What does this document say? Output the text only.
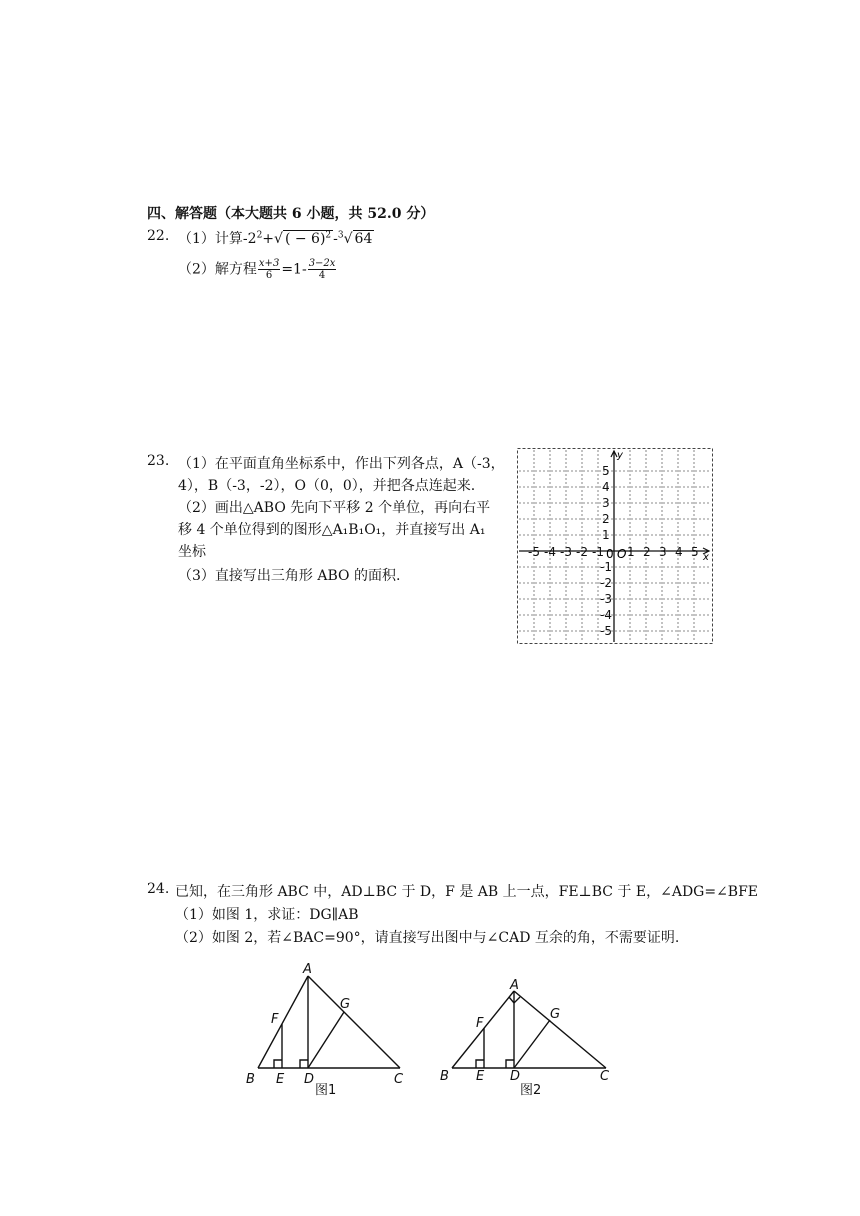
四、解答题（本大题共 6 小题，共 52.0 分）
22. （1）计算$-2^2+√$ ( − 6)$^2$ -$^3$√ 64
（2）解方程 $\frac{x+3}{6} =1- \frac{3-2x}{4}$
23. （1）在平面直角坐标系中，作出下列各点，A（-3，
4），B（-3，-2），O（0，0），并把各点连起来.
（2）画出△ABO 先向下平移 2 个单位，再向右平
移 4 个单位得到的图形△A₁B₁O₁，并直接写出 A₁
坐标
（3）直接写出三角形 ABO 的面积.
-5 -4 -3 -2 -1 1 2 3 4 5
5
4
3
2
1
-1
-2
-3
-4
-5
O
0	x
y
24. 已知，在三角形 ABC 中，AD⊥BC 于 D，F 是 AB 上一点，FE⊥BC 于 E，∠ADG=∠BFE
（1）如图 1，求证：DG∥AB
（2）如图 2，若∠BAC=90°，请直接写出图中与∠CAD 互余的角，不需要证明.
A
B	C
D
E
F
G
图1
A
B	C
D
E
F
G
图2
